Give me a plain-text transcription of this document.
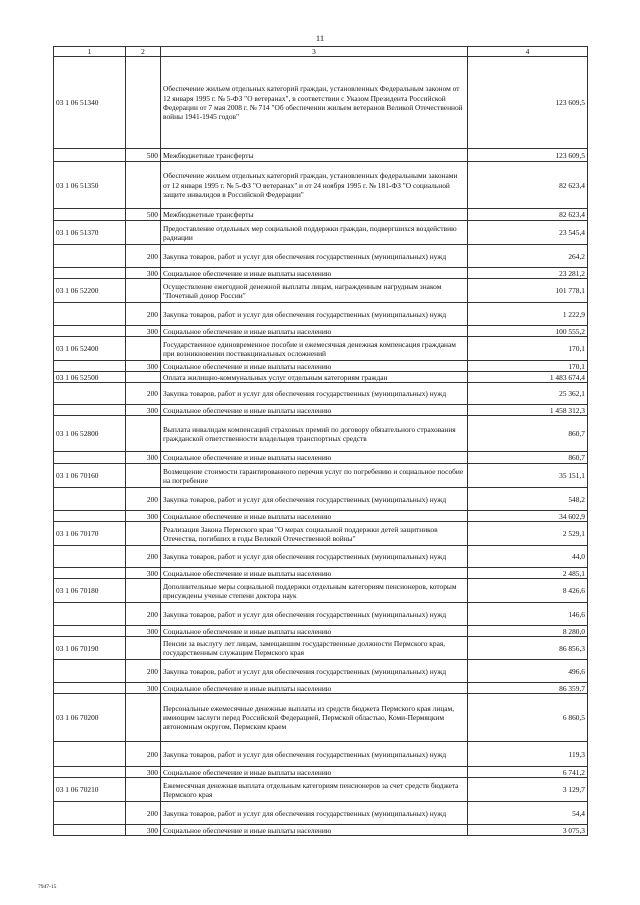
11
1	2	3	4
03 1 06 51340		Обеспечение жильем отдельных категорий граждан, установленных Федеральным законом от 12 января 1995 г. № 5-ФЗ "О ветеранах", в соответствии с Указом Президента Российской Федерации от 7 мая 2008 г. № 714 "Об обеспечении жильем ветеранов Великой Отечественной войны 1941-1945 годов"	123 609,5
	500	Межбюджетные трансферты	123 609,5
03 1 06 51350		Обеспечение жильем отдельных категорий граждан, установленных федеральными законами от 12 января 1995 г. № 5-ФЗ "О ветеранах" и от 24 ноября 1995 г. № 181-ФЗ "О социальной защите инвалидов в Российской Федерации"	82 623,4
	500	Межбюджетные трансферты	82 623,4
03 1 06 51370		Предоставление отдельных мер социальной поддержки граждан, подвергшихся воздействию радиации	23 545,4
	200	Закупка товаров, работ и услуг для обеспечения государственных (муниципальных) нужд	264,2
	300	Социальное обеспечение и иные выплаты населению	23 281,2
03 1 06 52200		Осуществление ежегодной денежной выплаты лицам, награжденным нагрудным знаком "Почетный донор России"	101 778,1
	200	Закупка товаров, работ и услуг для обеспечения государственных (муниципальных) нужд	1 222,9
	300	Социальное обеспечение и иные выплаты населению	100 555,2
03 1 06 52400		Государственное единовременное пособие и ежемесячная денежная компенсация гражданам при возникновении поствакцинальных осложнений	170,1
	300	Социальное обеспечение и иные выплаты населению	170,1
03 1 06 52500		Оплата жилищно-коммунальных услуг отдельным категориям граждан	1 483 674,4
	200	Закупка товаров, работ и услуг для обеспечения государственных (муниципальных) нужд	25 362,1
	300	Социальное обеспечение и иные выплаты населению	1 458 312,3
03 1 06 52800		Выплата инвалидам компенсаций страховых премий по договору обязательного страхования гражданской ответственности владельцев транспортных средств	860,7
	300	Социальное обеспечение и иные выплаты населению	860,7
03 1 06 70160		Возмещение стоимости гарантированного перечня услуг по погребению и социальное пособие на погребение	35 151,1
	200	Закупка товаров, работ и услуг для обеспечения государственных (муниципальных) нужд	548,2
	300	Социальное обеспечение и иные выплаты населению	34 602,9
03 1 06 70170		Реализация Закона Пермского края "О мерах социальной поддержки детей защитников Отечества, погибших в годы Великой Отечественной войны"	2 529,1
	200	Закупка товаров, работ и услуг для обеспечения государственных (муниципальных) нужд	44,0
	300	Социальное обеспечение и иные выплаты населению	2 485,1
03 1 06 70180		Дополнительные меры социальной поддержки отдельным категориям пенсионеров, которым присуждены ученые степени доктора наук	8 426,6
	200	Закупка товаров, работ и услуг для обеспечения государственных (муниципальных) нужд	146,6
	300	Социальное обеспечение и иные выплаты населению	8 280,0
03 1 06 70190		Пенсии за выслугу лет лицам, замещавшим государственные должности Пермского края, государственным служащим Пермского края	86 856,3
	200	Закупка товаров, работ и услуг для обеспечения государственных (муниципальных) нужд	496,6
	300	Социальное обеспечение и иные выплаты населению	86 359,7
03 1 06 70200		Персональные ежемесячные денежные выплаты из средств бюджета Пермского края лицам, имеющим заслуги перед Российской Федерацией, Пермской областью, Коми-Пермяцким автономным округом, Пермским краем	6 860,5
	200	Закупка товаров, работ и услуг для обеспечения государственных (муниципальных) нужд	119,3
	300	Социальное обеспечение и иные выплаты населению	6 741,2
03 1 06 70210		Ежемесячная денежная выплата отдельным категориям пенсионеров за счет средств бюджета Пермского края	3 129,7
	200	Закупка товаров, работ и услуг для обеспечения государственных (муниципальных) нужд	54,4
	300	Социальное обеспечение и иные выплаты населению	3 075,3
7947-15
